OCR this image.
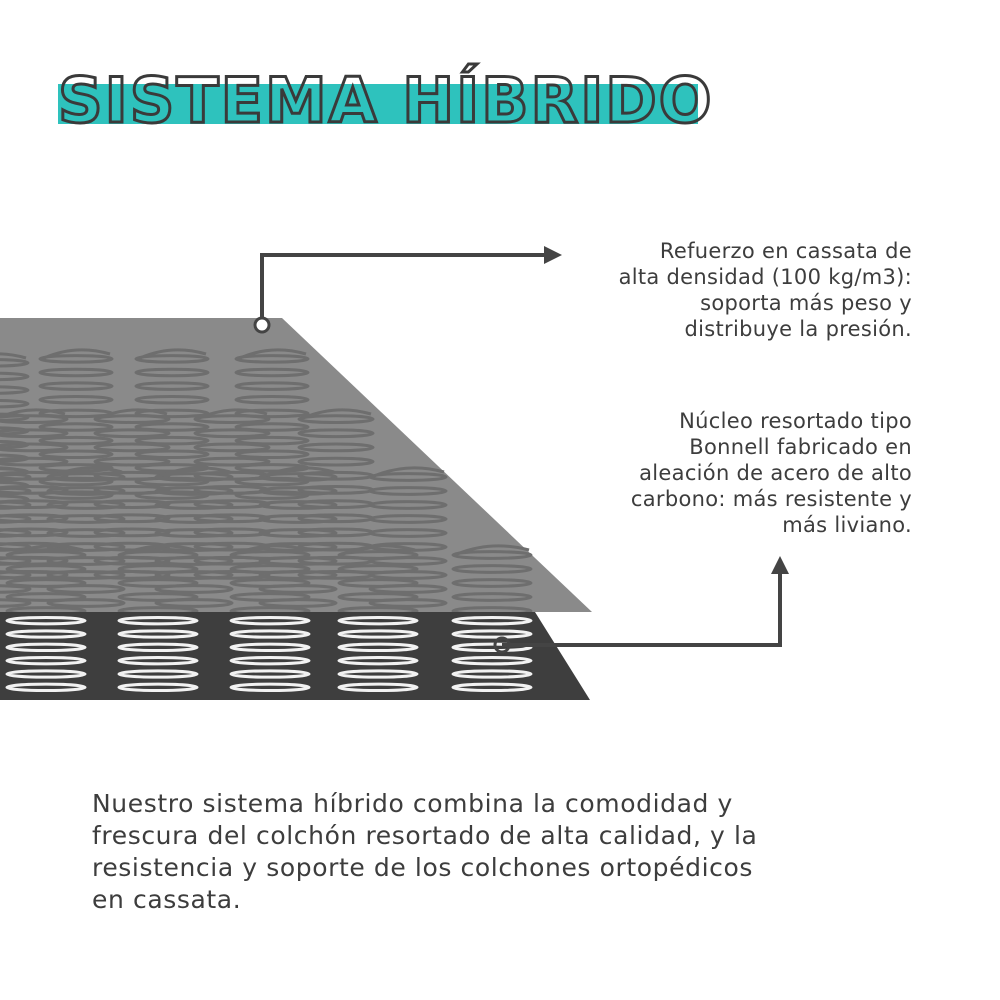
SISTEMA HÍBRIDO
Refuerzo en cassata de
alta densidad (100 kg/m3):
soporta más peso y
distribuye la presión.
Núcleo resortado tipo
Bonnell fabricado en
aleación de acero de alto
carbono: más resistente y
más liviano.
Nuestro sistema híbrido combina la comodidad y
frescura del colchón resortado de alta calidad, y la
resistencia y soporte de los colchones ortopédicos
en cassata.
